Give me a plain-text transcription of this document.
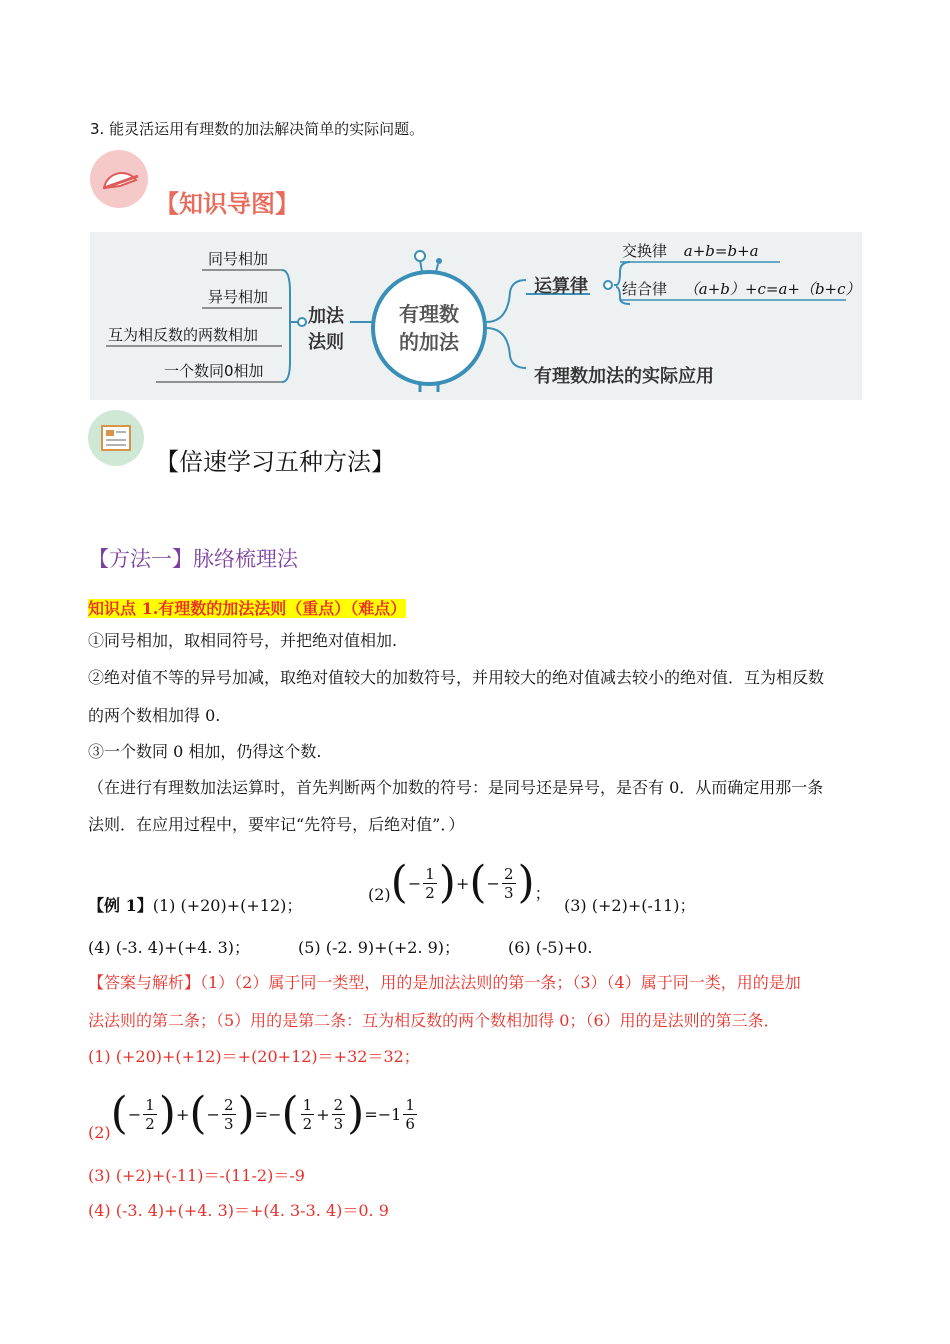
3. 能灵活运用有理数的加法解决简单的实际问题。
【知识导图】
同号相加
异号相加
互为相反数的两数相加
一个数同0相加
加法
法则
有理数
的加法
运算律
交换律 a+b=b+a
结合律 （a+b）+c=a+（b+c）
有理数加法的实际应用
【倍速学习五种方法】
【方法一】脉络梳理法
知识点 1.有理数的加法法则（重点）（难点）
①同号相加，取相同符号，并把绝对值相加.
②绝对值不等的异号加减，取绝对值较大的加数符号，并用较大的绝对值减去较小的绝对值．互为相反数
的两个数相加得 0.
③一个数同 0 相加，仍得这个数.
（在进行有理数加法运算时，首先判断两个加数的符号：是同号还是异号，是否有 0．从而确定用那一条
法则．在应用过程中，要牢记“先符号，后绝对值”．）
【例 1】(1) (+20)+(+12)；
(2) ( − $\frac{1}{2}$ ) + ( − $\frac{2}{3}$ ) ；
(3) (+2)+(-11)；
(4) (-3. 4)+(+4. 3)；	(5) (-2. 9)+(+2. 9)；	(6) (-5)+0.
【答案与解析】（1）（2）属于同一类型，用的是加法法则的第一条；（3）（4）属于同一类，用的是加
法法则的第二条；（5）用的是第二条：互为相反数的两个数相加得 0；（6）用的是法则的第三条．
(1) (+20)+(+12)＝+(20+12)＝+32＝32；
(2) ( − $\frac{1}{2}$ ) + ( − $\frac{2}{3}$ ) = − ( $\frac{1}{2} + \frac{2}{3}$ ) = $-1 \frac{1}{6}$
(3) (+2)+(-11)＝-(11-2)＝-9
(4) (-3. 4)+(+4. 3)＝+(4. 3-3. 4)＝0. 9
